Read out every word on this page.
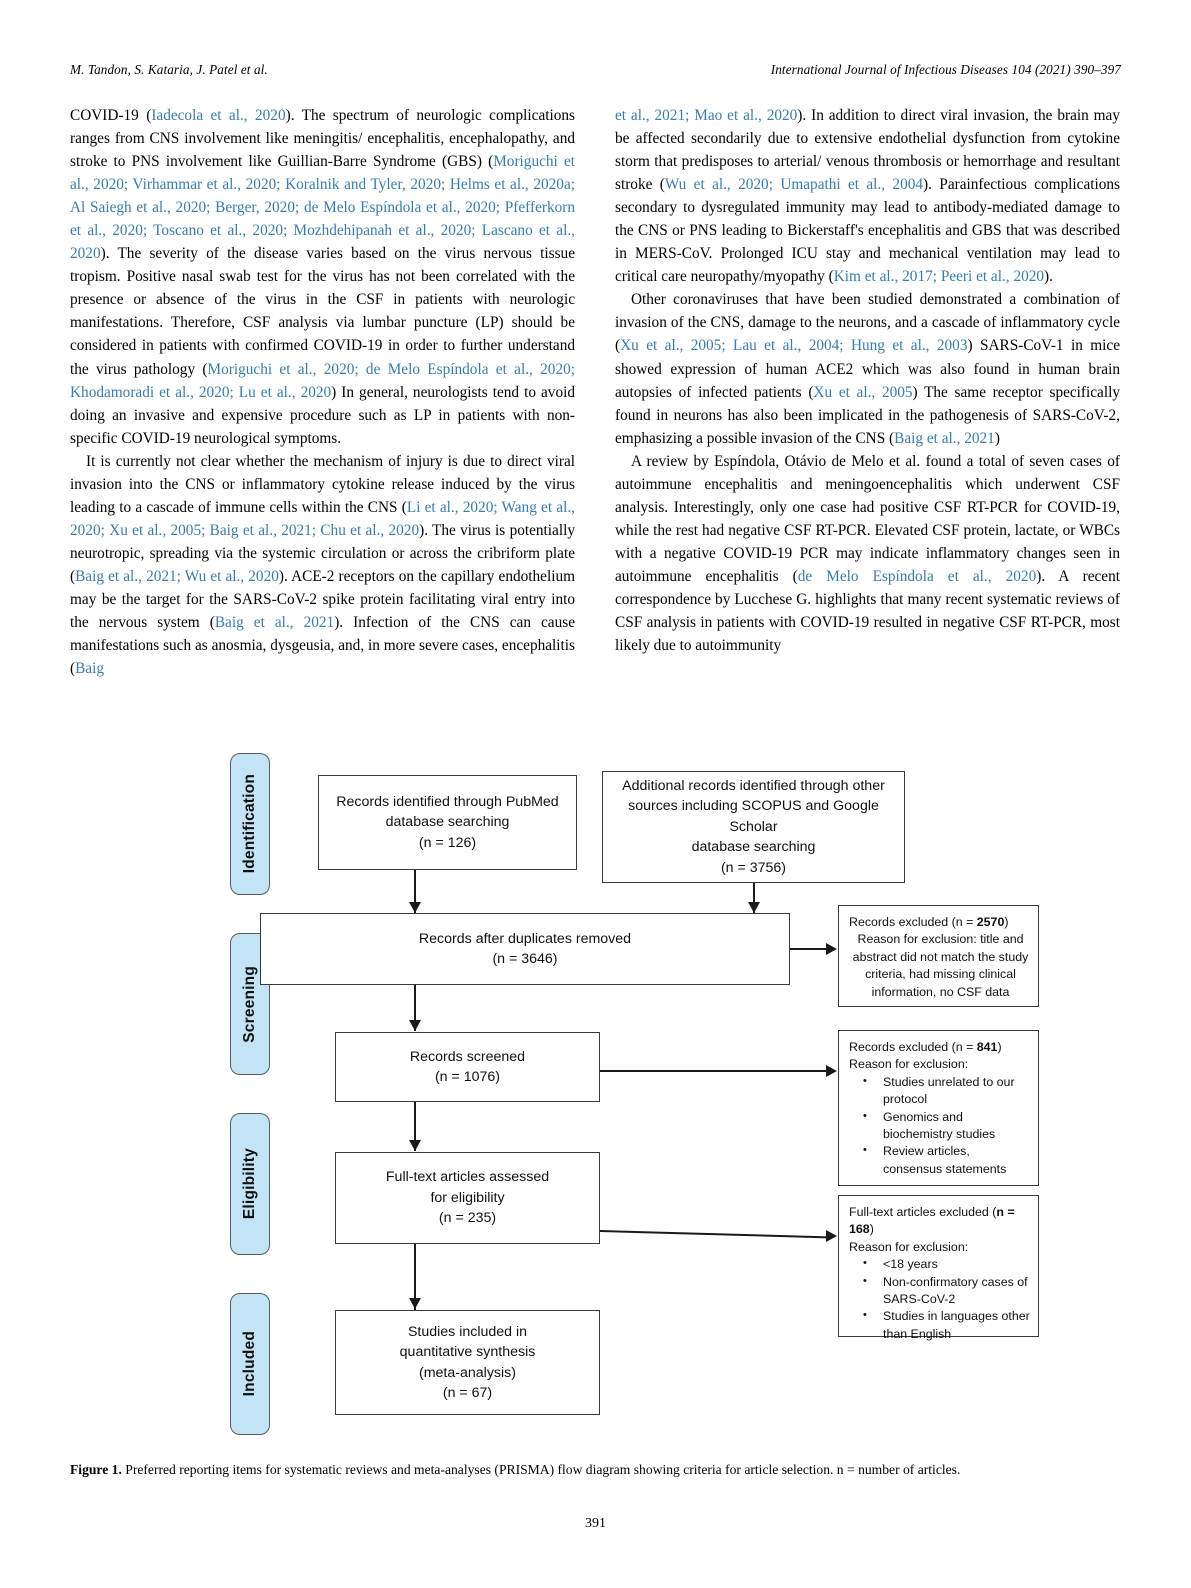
M. Tandon, S. Kataria, J. Patel et al.	International Journal of Infectious Diseases 104 (2021) 390–397

COVID-19 (Iadecola et al., 2020). The spectrum of neurologic complications ranges from CNS involvement like meningitis/ encephalitis, encephalopathy, and stroke to PNS involvement like Guillian-Barre Syndrome (GBS) (Moriguchi et al., 2020; Virhammar et al., 2020; Koralnik and Tyler, 2020; Helms et al., 2020a; Al Saiegh et al., 2020; Berger, 2020; de Melo Espíndola et al., 2020; Pfefferkorn et al., 2020; Toscano et al., 2020; Mozhdehipanah et al., 2020; Lascano et al., 2020). The severity of the disease varies based on the virus nervous tissue tropism. Positive nasal swab test for the virus has not been correlated with the presence or absence of the virus in the CSF in patients with neurologic manifestations. Therefore, CSF analysis via lumbar puncture (LP) should be considered in patients with confirmed COVID-19 in order to further understand the virus pathology (Moriguchi et al., 2020; de Melo Espíndola et al., 2020; Khodamoradi et al., 2020; Lu et al., 2020) In general, neurologists tend to avoid doing an invasive and expensive procedure such as LP in patients with non-specific COVID-19 neurological symptoms.

It is currently not clear whether the mechanism of injury is due to direct viral invasion into the CNS or inflammatory cytokine release induced by the virus leading to a cascade of immune cells within the CNS (Li et al., 2020; Wang et al., 2020; Xu et al., 2005; Baig et al., 2021; Chu et al., 2020). The virus is potentially neurotropic, spreading via the systemic circulation or across the cribriform plate (Baig et al., 2021; Wu et al., 2020). ACE-2 receptors on the capillary endothelium may be the target for the SARS-CoV-2 spike protein facilitating viral entry into the nervous system (Baig et al., 2021). Infection of the CNS can cause manifestations such as anosmia, dysgeusia, and, in more severe cases, encephalitis (Baig

et al., 2021; Mao et al., 2020). In addition to direct viral invasion, the brain may be affected secondarily due to extensive endothelial dysfunction from cytokine storm that predisposes to arterial/ venous thrombosis or hemorrhage and resultant stroke (Wu et al., 2020; Umapathi et al., 2004). Parainfectious complications secondary to dysregulated immunity may lead to antibody-mediated damage to the CNS or PNS leading to Bickerstaff's encephalitis and GBS that was described in MERS-CoV. Prolonged ICU stay and mechanical ventilation may lead to critical care neuropathy/myopathy (Kim et al., 2017; Peeri et al., 2020).

Other coronaviruses that have been studied demonstrated a combination of invasion of the CNS, damage to the neurons, and a cascade of inflammatory cycle (Xu et al., 2005; Lau et al., 2004; Hung et al., 2003) SARS-CoV-1 in mice showed expression of human ACE2 which was also found in human brain autopsies of infected patients (Xu et al., 2005) The same receptor specifically found in neurons has also been implicated in the pathogenesis of SARS-CoV-2, emphasizing a possible invasion of the CNS (Baig et al., 2021)

A review by Espíndola, Otávio de Melo et al. found a total of seven cases of autoimmune encephalitis and meningoencephalitis which underwent CSF analysis. Interestingly, only one case had positive CSF RT-PCR for COVID-19, while the rest had negative CSF RT-PCR. Elevated CSF protein, lactate, or WBCs with a negative COVID-19 PCR may indicate inflammatory changes seen in autoimmune encephalitis (de Melo Espíndola et al., 2020). A recent correspondence by Lucchese G. highlights that many recent systematic reviews of CSF analysis in patients with COVID-19 resulted in negative CSF RT-PCR, most likely due to autoimmunity

Identification
Screening
Eligibility
Included
Records identified through PubMed
database searching
(n = 126)
Additional records identified through other
sources including SCOPUS and Google Scholar
database searching
(n = 3756)
Records after duplicates removed
(n = 3646)
Records excluded (n = 2570)
Reason for exclusion: title and
abstract did not match the study
criteria, had missing clinical
information, no CSF data
Records screened
(n = 1076)
Records excluded (n = 841)
Reason for exclusion:
• Studies unrelated to our protocol
• Genomics and biochemistry studies
• Review articles, consensus statements
Full-text articles assessed
for eligibility
(n = 235)	Full-text articles excluded (n = 168)
Reason for exclusion:
• <18 years
• Non-confirmatory cases of SARS-CoV-2
• Studies in languages other than English
Studies included in
quantitative synthesis
(meta-analysis)
(n = 67)
Figure 1. Preferred reporting items for systematic reviews and meta-analyses (PRISMA) flow diagram showing criteria for article selection. n = number of articles.
391
